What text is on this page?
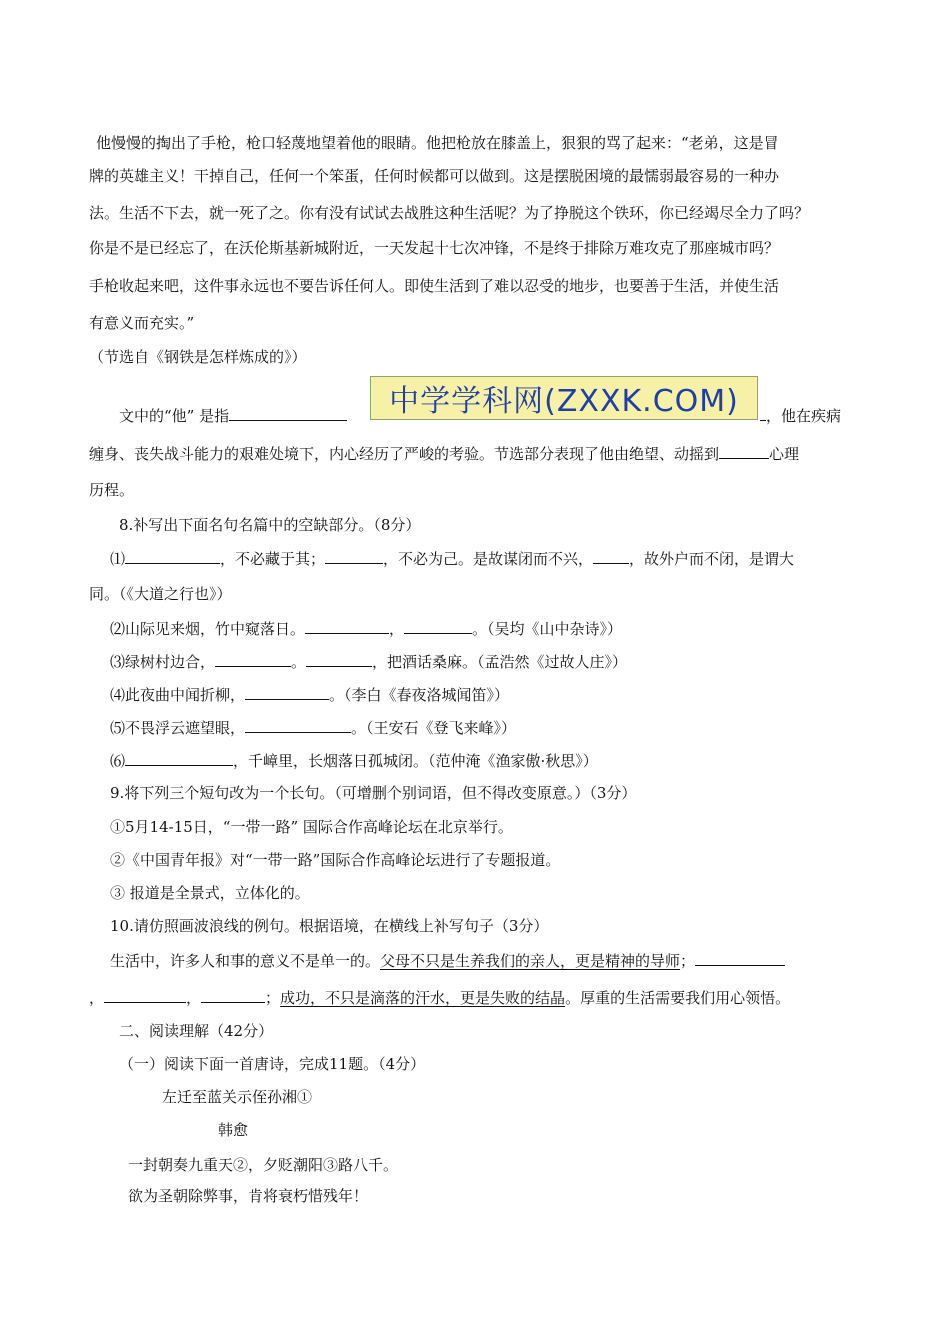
他慢慢的掏出了手枪，枪口轻蔑地望着他的眼睛。他把枪放在膝盖上，狠狠的骂了起来：“老弟，这是冒
牌的英雄主义！干掉自己，任何一个笨蛋，任何时候都可以做到。这是摆脱困境的最懦弱最容易的一种办
法。生活不下去，就一死了之。你有没有试试去战胜这种生活呢？为了挣脱这个铁环，你已经竭尽全力了吗？
你是不是已经忘了，在沃伦斯基新城附近，一天发起十七次冲锋，不是终于排除万难攻克了那座城市吗？
手枪收起来吧，这件事永远也不要告诉任何人。即使生活到了难以忍受的地步，也要善于生活，并使生活
有意义而充实。”
（节选自《钢铁是怎样炼成的》）
文中的“他” 是指	中学学科网(ZXXK.COM)	，他在疾病
缠身、丧失战斗能力的艰难处境下，内心经历了严峻的考验。节选部分表现了他由绝望、动摇到	心理
历程。
8.补写出下面名句名篇中的空缺部分。（8分）
⑴	，不必藏于其；	，不必为己。是故谋闭而不兴， ，故外户而不闭，是谓大
同。（《大道之行也》）
⑵山际见来烟，竹中窥落日。	，	。（吴均《山中杂诗》）
⑶绿树村边合，	。	，把酒话桑麻。（孟浩然《过故人庄》）
⑷此夜曲中闻折柳，	。（李白《春夜洛城闻笛》）
⑸不畏浮云遮望眼，	。（王安石《登飞来峰》）
⑹	，千嶂里，长烟落日孤城闭。（范仲淹《渔家傲·秋思》）
9.将下列三个短句改为一个长句。（可增删个别词语，但不得改变原意。）（3分）
①5月14-15日，“一带一路” 国际合作高峰论坛在北京举行。
②《中国青年报》对“一带一路”国际合作高峰论坛进行了专题报道。
③ 报道是全景式，立体化的。
10.请仿照画波浪线的例句。根据语境，在横线上补写句子（3分）
生活中，许多人和事的意义不是单一的。父母不只是生养我们的亲人，更是精神的导师；
，	，	；成功，不只是滴落的汗水，更是失败的结晶。厚重的生活需要我们用心领悟。
二、阅读理解（42分）
（一）阅读下面一首唐诗，完成11题。（4分）
左迁至蓝关示侄孙湘①
韩愈
一封朝奏九重天②，夕贬潮阳③路八千。
欲为圣朝除弊事，肯将衰朽惜残年！
